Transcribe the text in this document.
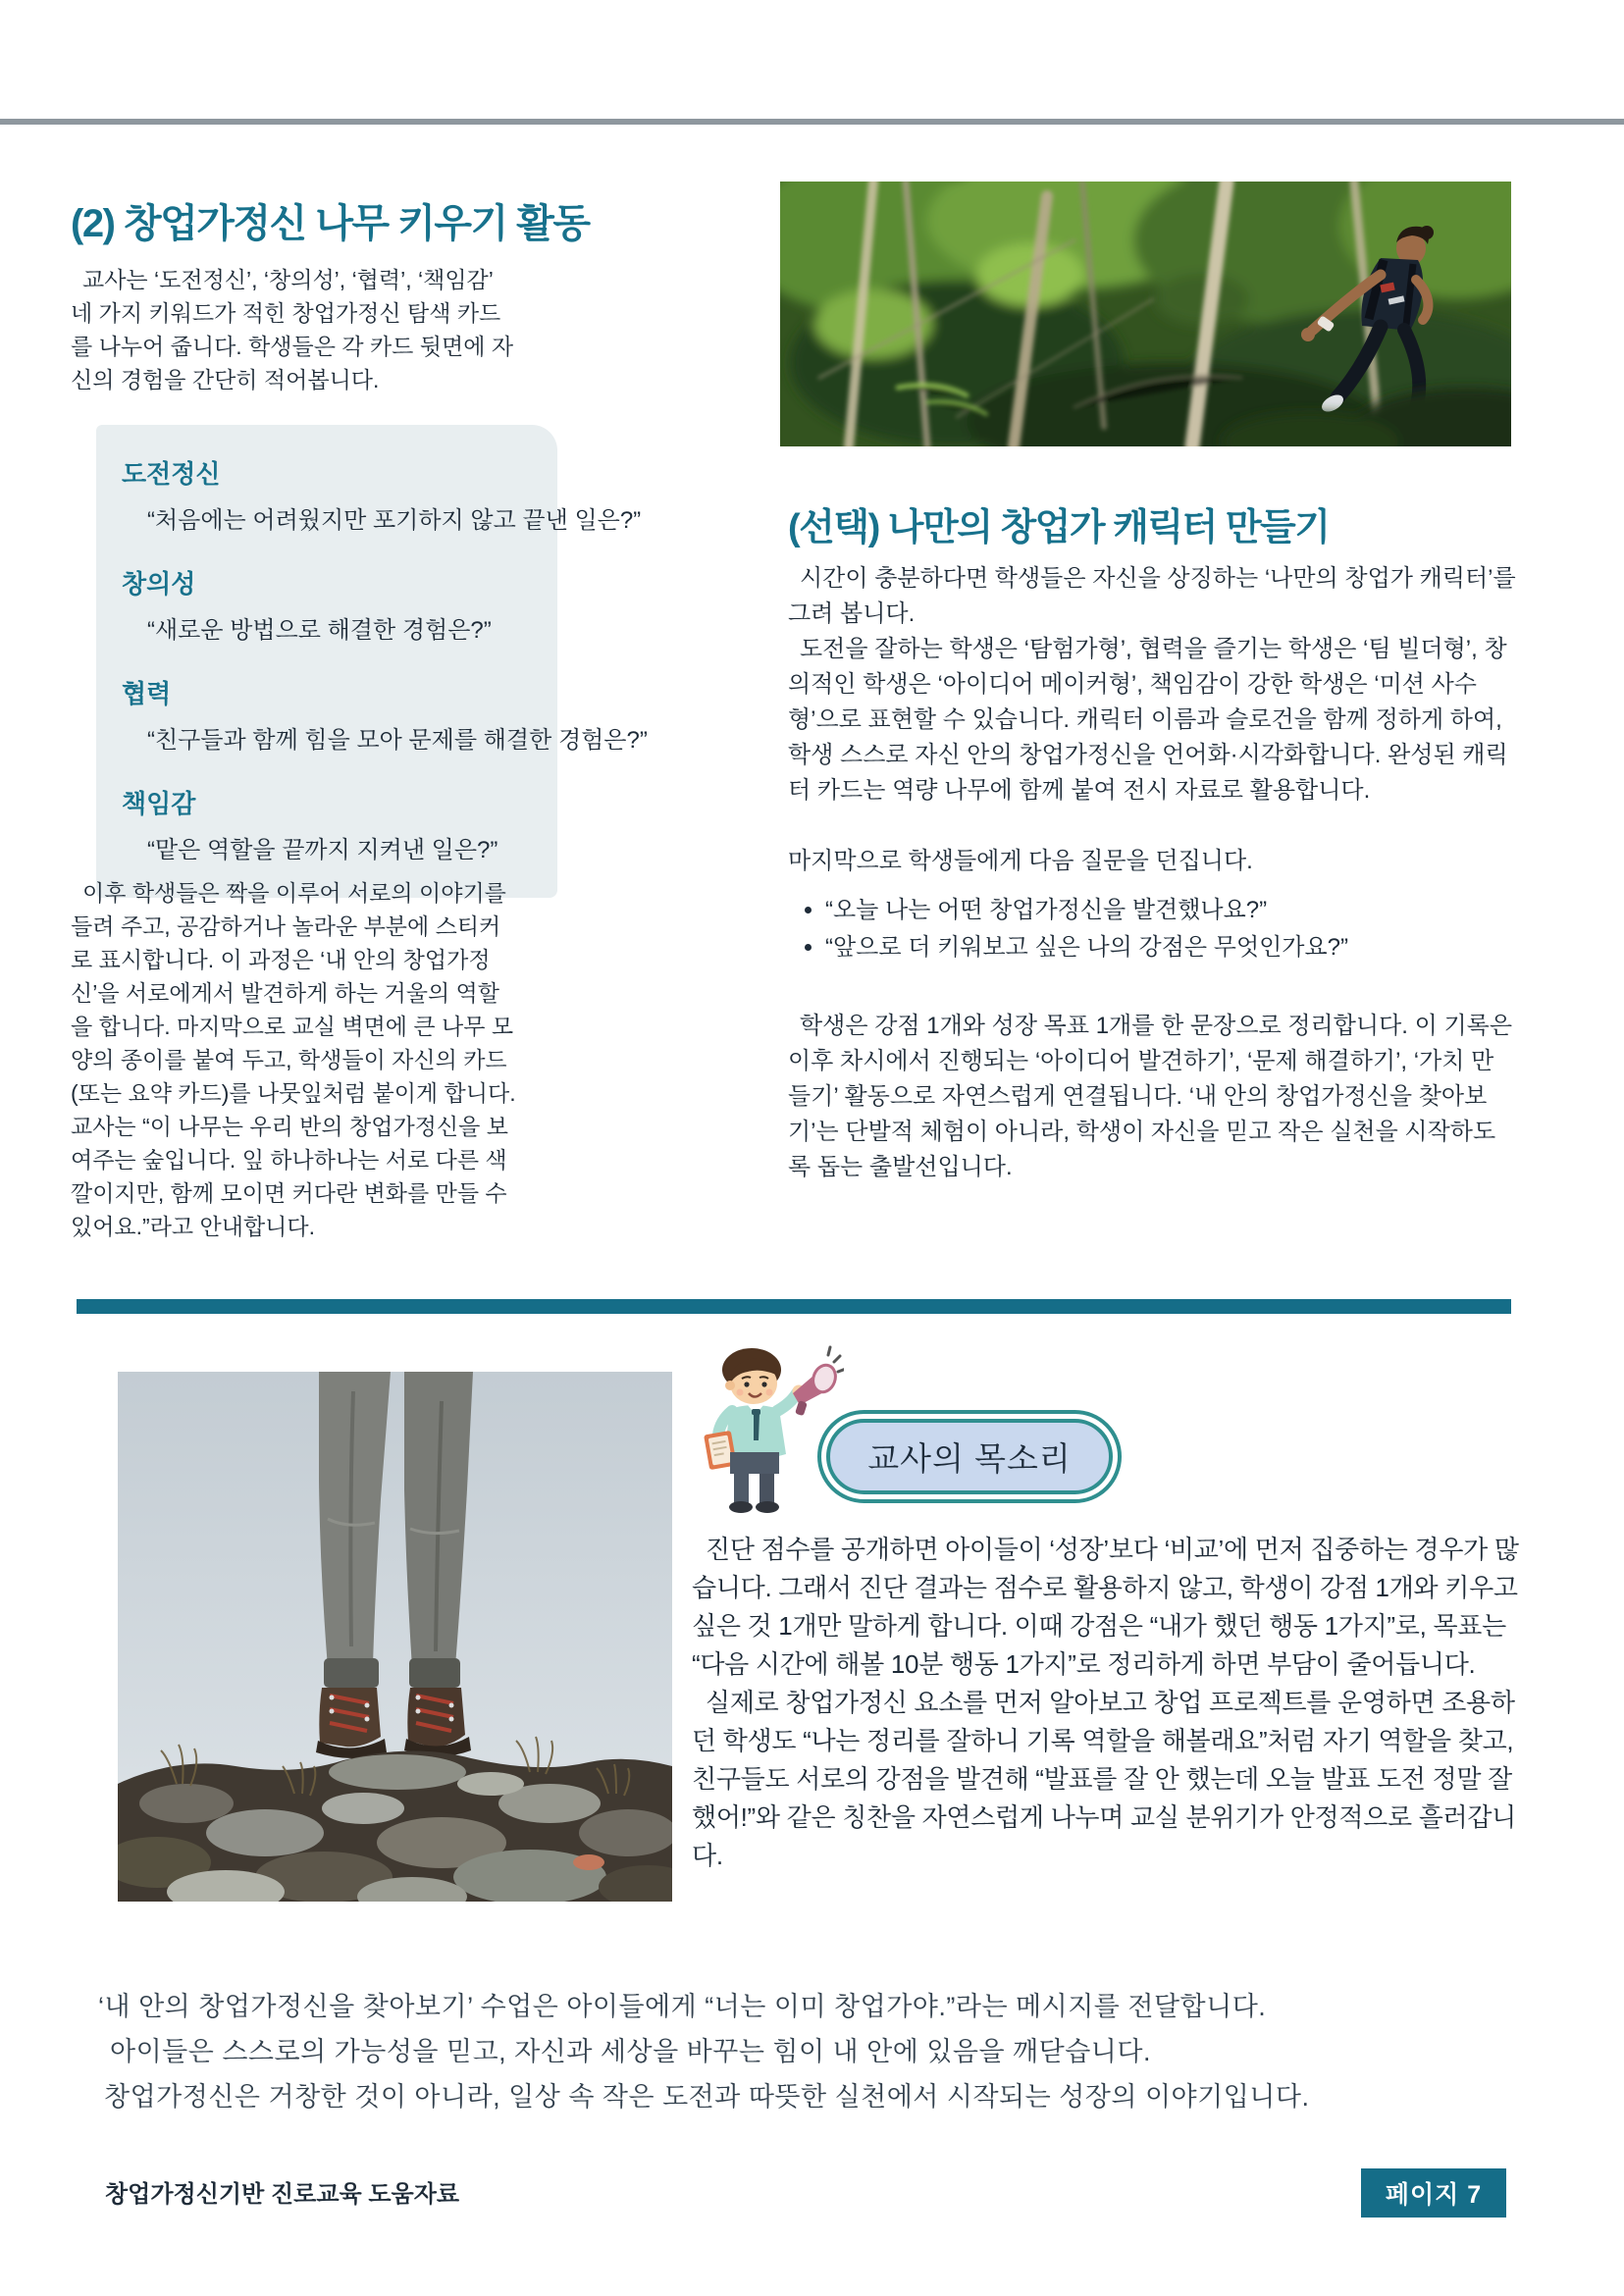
(2) 창업가정신 나무 키우기 활동

교사는 ‘도전정신’, ‘창의성’, ‘협력’, ‘책임감’ 네 가지 키워드가 적힌 창업가정신 탐색 카드를 나누어 줍니다. 학생들은 각 카드 뒷면에 자신의 경험을 간단히 적어봅니다.

도전정신

“처음에는 어려웠지만 포기하지 않고 끝낸 일은?”

창의성

“새로운 방법으로 해결한 경험은?”

협력

“친구들과 함께 힘을 모아 문제를 해결한 경험은?”

책임감

“맡은 역할을 끝까지 지켜낸 일은?”

이후 학생들은 짝을 이루어 서로의 이야기를 들려 주고, 공감하거나 놀라운 부분에 스티커로 표시합니다. 이 과정은 ‘내 안의 창업가정신’을 서로에게서 발견하게 하는 거울의 역할을 합니다. 마지막으로 교실 벽면에 큰 나무 모양의 종이를 붙여 두고, 학생들이 자신의 카드(또는 요약 카드)를 나뭇잎처럼 붙이게 합니다. 교사는 “이 나무는 우리 반의 창업가정신을 보여주는 숲입니다. 잎 하나하나는 서로 다른 색깔이지만, 함께 모이면 커다란 변화를 만들 수 있어요.”라고 안내합니다.

(선택) 나만의 창업가 캐릭터 만들기

시간이 충분하다면 학생들은 자신을 상징하는 ‘나만의 창업가 캐릭터’를 그려 봅니다.

도전을 잘하는 학생은 ‘탐험가형’, 협력을 즐기는 학생은 ‘팀 빌더형’, 창의적인 학생은 ‘아이디어 메이커형’, 책임감이 강한 학생은 ‘미션 사수형’으로 표현할 수 있습니다. 캐릭터 이름과 슬로건을 함께 정하게 하여, 학생 스스로 자신 안의 창업가정신을 언어화·시각화합니다. 완성된 캐릭터 카드는 역량 나무에 함께 붙여 전시 자료로 활용합니다.

마지막으로 학생들에게 다음 질문을 던집니다.

• “오늘 나는 어떤 창업가정신을 발견했나요?”
• “앞으로 더 키워보고 싶은 나의 강점은 무엇인가요?”

학생은 강점 1개와 성장 목표 1개를 한 문장으로 정리합니다. 이 기록은 이후 차시에서 진행되는 ‘아이디어 발견하기’, ‘문제 해결하기’, ‘가치 만들기’ 활동으로 자연스럽게 연결됩니다. ‘내 안의 창업가정신을 찾아보기’는 단발적 체험이 아니라, 학생이 자신을 믿고 작은 실천을 시작하도록 돕는 출발선입니다.

교사의 목소리

진단 점수를 공개하면 아이들이 ‘성장’보다 ‘비교’에 먼저 집중하는 경우가 많습니다. 그래서 진단 결과는 점수로 활용하지 않고, 학생이 강점 1개와 키우고 싶은 것 1개만 말하게 합니다. 이때 강점은 “내가 했던 행동 1가지”로, 목표는 “다음 시간에 해볼 10분 행동 1가지”로 정리하게 하면 부담이 줄어듭니다.

실제로 창업가정신 요소를 먼저 알아보고 창업 프로젝트를 운영하면 조용하던 학생도 “나는 정리를 잘하니 기록 역할을 해볼래요”처럼 자기 역할을 찾고, 친구들도 서로의 강점을 발견해 “발표를 잘 안 했는데 오늘 발표 도전 정말 잘했어!”와 같은 칭찬을 자연스럽게 나누며 교실 분위기가 안정적으로 흘러갑니다.

‘내 안의 창업가정신을 찾아보기’ 수업은 아이들에게 “너는 이미 창업가야.”라는 메시지를 전달합니다.
아이들은 스스로의 가능성을 믿고, 자신과 세상을 바꾸는 힘이 내 안에 있음을 깨닫습니다.
창업가정신은 거창한 것이 아니라, 일상 속 작은 도전과 따뜻한 실천에서 시작되는 성장의 이야기입니다.
창업가정신기반 진로교육 도움자료	페이지 7
